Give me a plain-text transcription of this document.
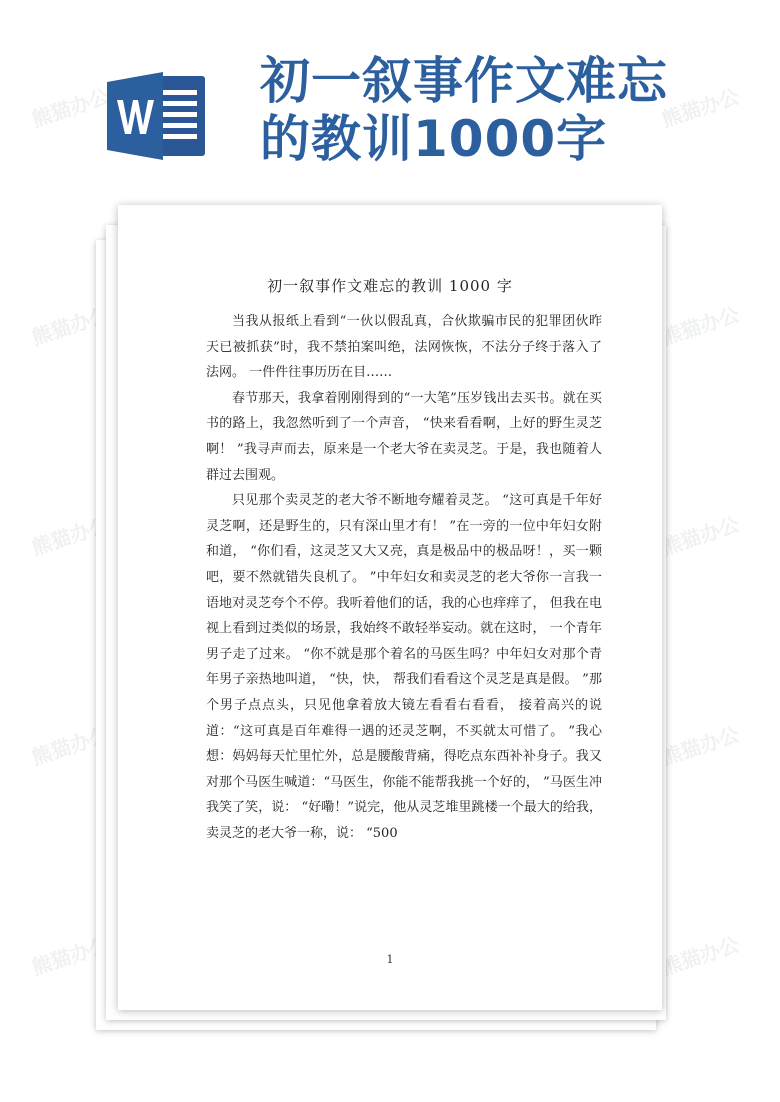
熊猫办公	熊猫办公
熊猫办公	熊猫办公
熊猫办公	熊猫办公
熊猫办公	熊猫办公
熊猫办公	熊猫办公
初一叙事作文难忘
的教训1000字
初一叙事作文难忘的教训 1000 字

当我从报纸上看到“一伙以假乱真，合伙欺骗市民的犯罪团伙昨天已被抓获”时，我不禁拍案叫绝，法网恢恢，不法分子终于落入了法网。 一件件往事历历在目……

春节那天，我拿着刚刚得到的“一大笔”压岁钱出去买书。就在买书的路上，我忽然听到了一个声音， “快来看看啊，上好的野生灵芝啊！ ”我寻声而去，原来是一个老大爷在卖灵芝。于是，我也随着人群过去围观。

只见那个卖灵芝的老大爷不断地夸耀着灵芝。 “这可真是千年好灵芝啊，还是野生的，只有深山里才有！ ”在一旁的一位中年妇女附和道， “你们看，这灵芝又大又亮，真是极品中的极品呀！，买一颗吧，要不然就错失良机了。 ”中年妇女和卖灵芝的老大爷你一言我一语地对灵芝夸个不停。我听着他们的话，我的心也痒痒了， 但我在电视上看到过类似的场景，我始终不敢轻举妄动。就在这时， 一个青年男子走了过来。 “你不就是那个着名的马医生吗？中年妇女对那个青年男子亲热地叫道， “快，快， 帮我们看看这个灵芝是真是假。 ”那个男子点点头，只见他拿着放大镜左看看右看看， 接着高兴的说道：“这可真是百年难得一遇的还灵芝啊，不买就太可惜了。 ”我心想：妈妈每天忙里忙外，总是腰酸背痛，得吃点东西补补身子。我又对那个马医生喊道：“马医生，你能不能帮我挑一个好的， ”马医生冲我笑了笑，说： “好嘞！”说完，他从灵芝堆里跳楼一个最大的给我，卖灵芝的老大爷一称，说： “500

1
